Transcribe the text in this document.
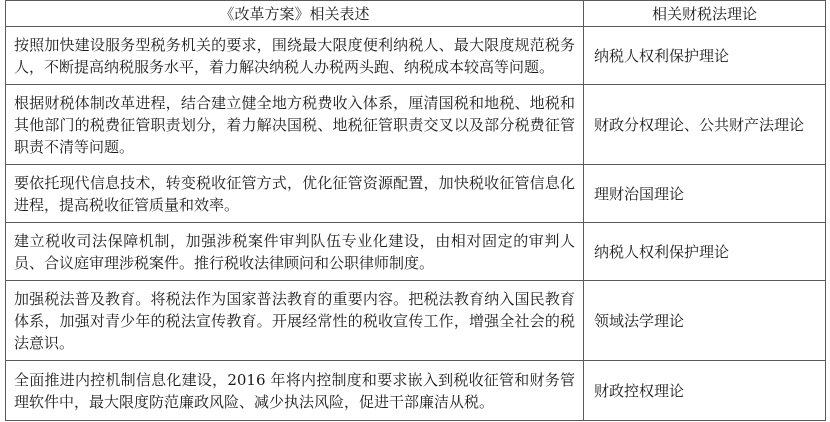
《改革方案》相关表述	相关财税法理论
按照加快建设服务型税务机关的要求，围绕最大限度便利纳税人、最大限度规范税务人，不断提高纳税服务水平，着力解决纳税人办税两头跑、纳税成本较高等问题。	纳税人权利保护理论
根据财税体制改革进程，结合建立健全地方税费收入体系，厘清国税和地税、地税和其他部门的税费征管职责划分，着力解决国税、地税征管职责交叉以及部分税费征管职责不清等问题。	财政分权理论、公共财产法理论
要依托现代信息技术，转变税收征管方式，优化征管资源配置，加快税收征管信息化进程，提高税收征管质量和效率。	理财治国理论
建立税收司法保障机制，加强涉税案件审判队伍专业化建设，由相对固定的审判人员、合议庭审理涉税案件。推行税收法律顾问和公职律师制度。	纳税人权利保护理论
加强税法普及教育。将税法作为国家普法教育的重要内容。把税法教育纳入国民教育体系，加强对青少年的税法宣传教育。开展经常性的税收宣传工作，增强全社会的税法意识。	领域法学理论
全面推进内控机制信息化建设，2016 年将内控制度和要求嵌入到税收征管和财务管理软件中，最大限度防范廉政风险、减少执法风险，促进干部廉洁从税。	财政控权理论
